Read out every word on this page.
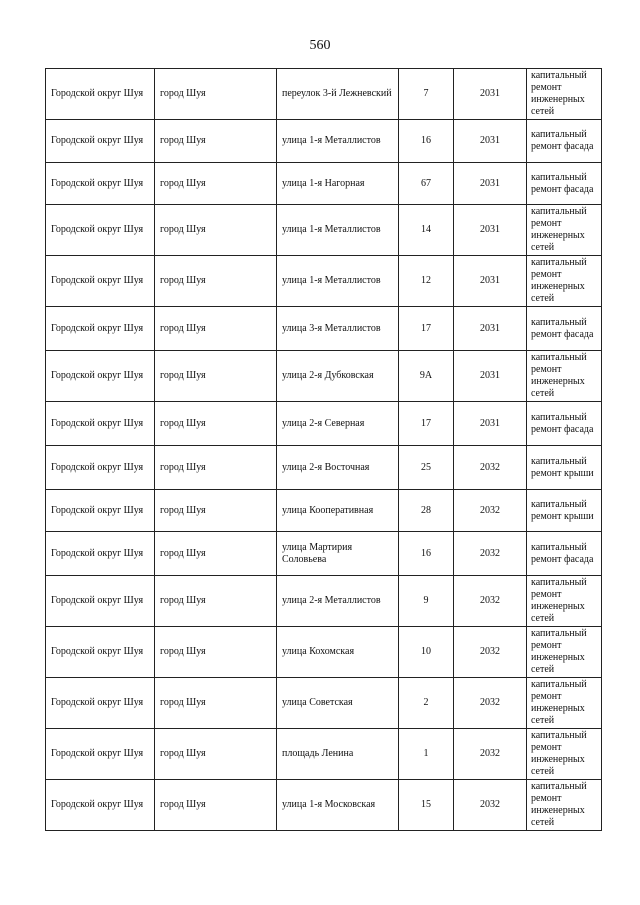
560
Городской округ Шуя	город Шуя	переулок 3-й Лежневский	7	2031	капитальный ремонт инженерных сетей
Городской округ Шуя	город Шуя	улица 1-я Металлистов	16	2031	капитальный ремонт фасада
Городской округ Шуя	город Шуя	улица 1-я Нагорная	67	2031	капитальный ремонт фасада
Городской округ Шуя	город Шуя	улица 1-я Металлистов	14	2031	капитальный ремонт инженерных сетей
Городской округ Шуя	город Шуя	улица 1-я Металлистов	12	2031	капитальный ремонт инженерных сетей
Городской округ Шуя	город Шуя	улица 3-я Металлистов	17	2031	капитальный ремонт фасада
Городской округ Шуя	город Шуя	улица 2-я Дубковская	9А	2031	капитальный ремонт инженерных сетей
Городской округ Шуя	город Шуя	улица 2-я Северная	17	2031	капитальный ремонт фасада
Городской округ Шуя	город Шуя	улица 2-я Восточная	25	2032	капитальный ремонт крыши
Городской округ Шуя	город Шуя	улица Кооперативная	28	2032	капитальный ремонт крыши
Городской округ Шуя	город Шуя	улица Мартирия Соловьева	16	2032	капитальный ремонт фасада
Городской округ Шуя	город Шуя	улица 2-я Металлистов	9	2032	капитальный ремонт инженерных сетей
Городской округ Шуя	город Шуя	улица Кохомская	10	2032	капитальный ремонт инженерных сетей
Городской округ Шуя	город Шуя	улица Советская	2	2032	капитальный ремонт инженерных сетей
Городской округ Шуя	город Шуя	площадь Ленина	1	2032	капитальный ремонт инженерных сетей
Городской округ Шуя	город Шуя	улица 1-я Московская	15	2032	капитальный ремонт инженерных сетей
